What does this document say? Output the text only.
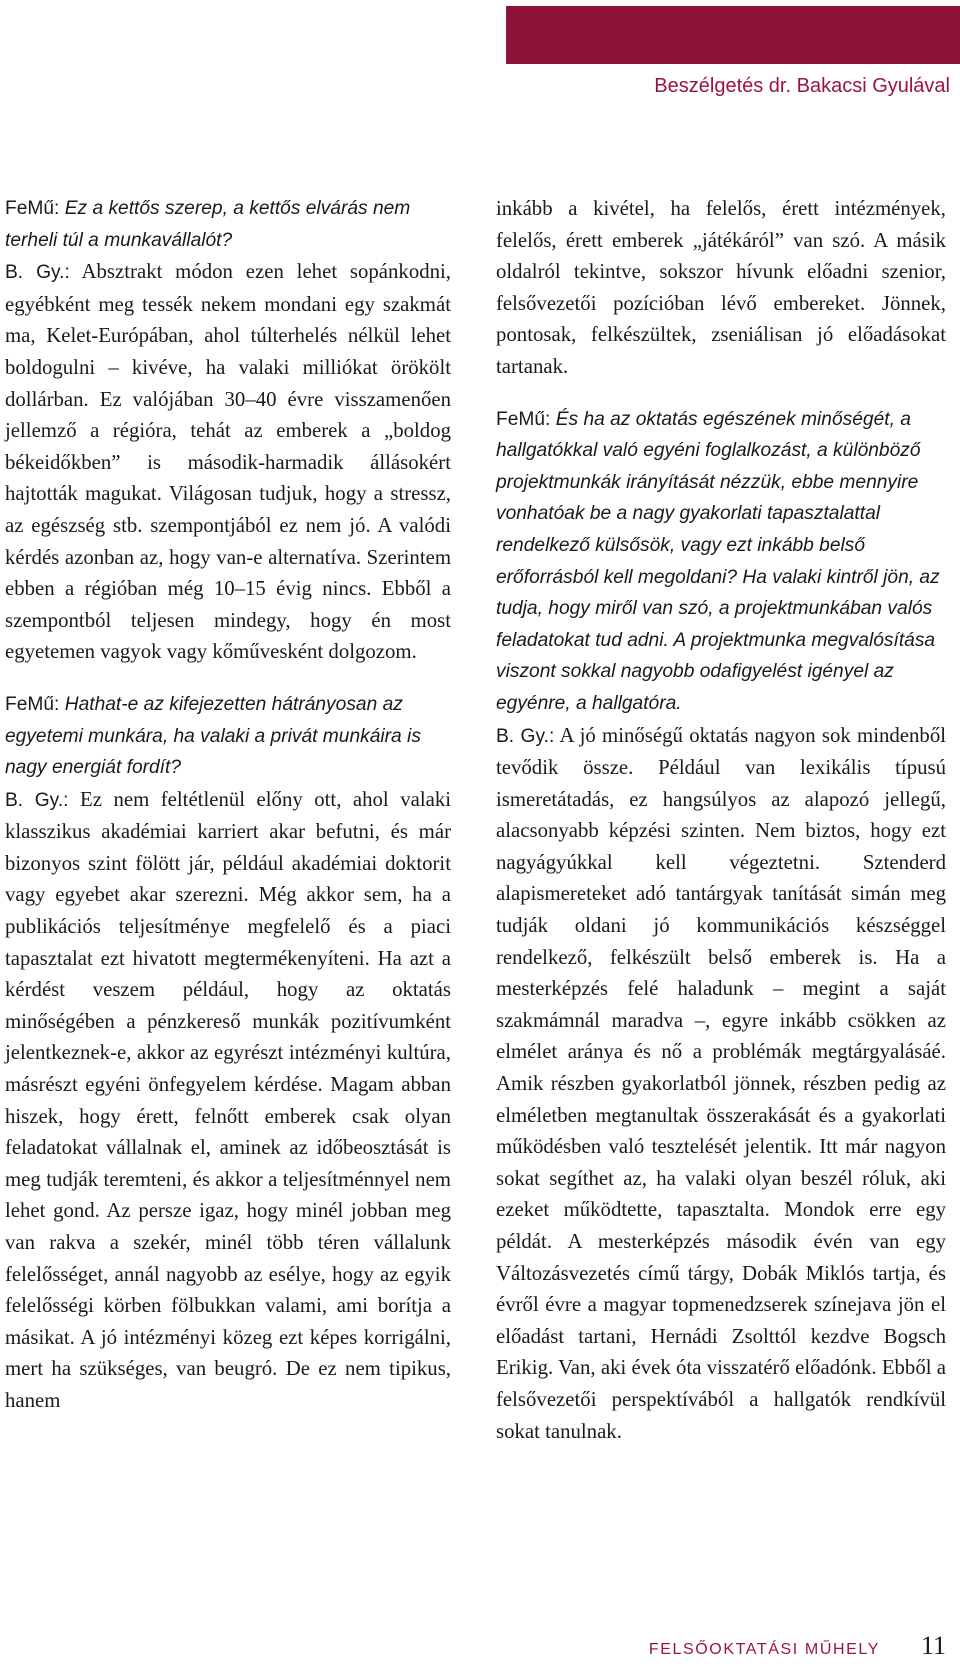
Beszélgetés dr. Bakacsi Gyulával

FeMű: Ez a kettős szerep, a kettős elvárás nem terheli túl a munkavállalót?

B. Gy.: Absztrakt módon ezen lehet sopánkodni, egyébként meg tessék nekem mondani egy szakmát ma, Kelet-Európában, ahol túlterhelés nélkül lehet boldogulni – kivéve, ha valaki milliókat örökölt dollárban. Ez valójában 30–40 évre visszamenően jellemző a régióra, tehát az emberek a „boldog békeidőkben” is második-harmadik állásokért hajtották magukat. Világosan tudjuk, hogy a stressz, az egészség stb. szempontjából ez nem jó. A valódi kérdés azonban az, hogy van-e alternatíva. Szerintem ebben a régióban még 10–15 évig nincs. Ebből a szempontból teljesen mindegy, hogy én most egyetemen vagyok vagy kőművesként dolgozom.

FeMű: Hathat-e az kifejezetten hátrányosan az egyetemi munkára, ha valaki a privát munkáira is nagy energiát fordít?

B. Gy.: Ez nem feltétlenül előny ott, ahol valaki klasszikus akadémiai karriert akar befutni, és már bizonyos szint fölött jár, például akadémiai doktorit vagy egyebet akar szerezni. Még akkor sem, ha a publikációs teljesítménye megfelelő és a piaci tapasztalat ezt hivatott megtermékenyíteni. Ha azt a kérdést veszem például, hogy az oktatás minőségében a pénzkereső munkák pozitívumként jelentkeznek-e, akkor az egyrészt intézményi kultúra, másrészt egyéni önfegyelem kérdése. Magam abban hiszek, hogy érett, felnőtt emberek csak olyan feladatokat vállalnak el, aminek az időbeosztását is meg tudják teremteni, és akkor a teljesítménnyel nem lehet gond. Az persze igaz, hogy minél jobban meg van rakva a szekér, minél több téren vállalunk felelősséget, annál nagyobb az esélye, hogy az egyik felelősségi körben fölbukkan valami, ami borítja a másikat. A jó intézményi közeg ezt képes korrigálni, mert ha szükséges, van beugró. De ez nem tipikus, hanem

inkább a kivétel, ha felelős, érett intézmények, felelős, érett emberek „játékáról” van szó. A másik oldalról tekintve, sokszor hívunk előadni szenior, felsővezetői pozícióban lévő embereket. Jönnek, pontosak, felkészültek, zseniálisan jó előadásokat tartanak.

FeMű: És ha az oktatás egészének minőségét, a hallgatókkal való egyéni foglalkozást, a különböző projektmunkák irányítását nézzük, ebbe mennyire vonhatóak be a nagy gyakorlati tapasztalattal rendelkező külsősök, vagy ezt inkább belső erőforrásból kell megoldani? Ha valaki kintről jön, az tudja, hogy miről van szó, a projektmunkában valós feladatokat tud adni. A projektmunka megvalósítása viszont sokkal nagyobb odafigyelést igényel az egyénre, a hallgatóra.

B. Gy.: A jó minőségű oktatás nagyon sok mindenből tevődik össze. Például van lexikális típusú ismeretátadás, ez hangsúlyos az alapozó jellegű, alacsonyabb képzési szinten. Nem biztos, hogy ezt nagyágyúkkal kell végeztetni. Sztenderd alapismereteket adó tantárgyak tanítását simán meg tudják oldani jó kommunikációs készséggel rendelkező, felkészült belső emberek is. Ha a mesterképzés felé haladunk – megint a saját szakmámnál maradva –, egyre inkább csökken az elmélet aránya és nő a problémák megtárgyalásáé. Amik részben gyakorlatból jönnek, részben pedig az elméletben megtanultak összerakását és a gyakorlati működésben való tesztelését jelentik. Itt már nagyon sokat segíthet az, ha valaki olyan beszél róluk, aki ezeket működtette, tapasztalta. Mondok erre egy példát. A mesterképzés második évén van egy Változásvezetés című tárgy, Dobák Miklós tartja, és évről évre a magyar topmenedzserek színejava jön el előadást tartani, Hernádi Zsolttól kezdve Bogsch Erikig. Van, aki évek óta visszatérő előadónk. Ebből a felsővezetői perspektívából a hallgatók rendkívül sokat tanulnak.

FELSŐOKTATÁSI MŰHELY 11
